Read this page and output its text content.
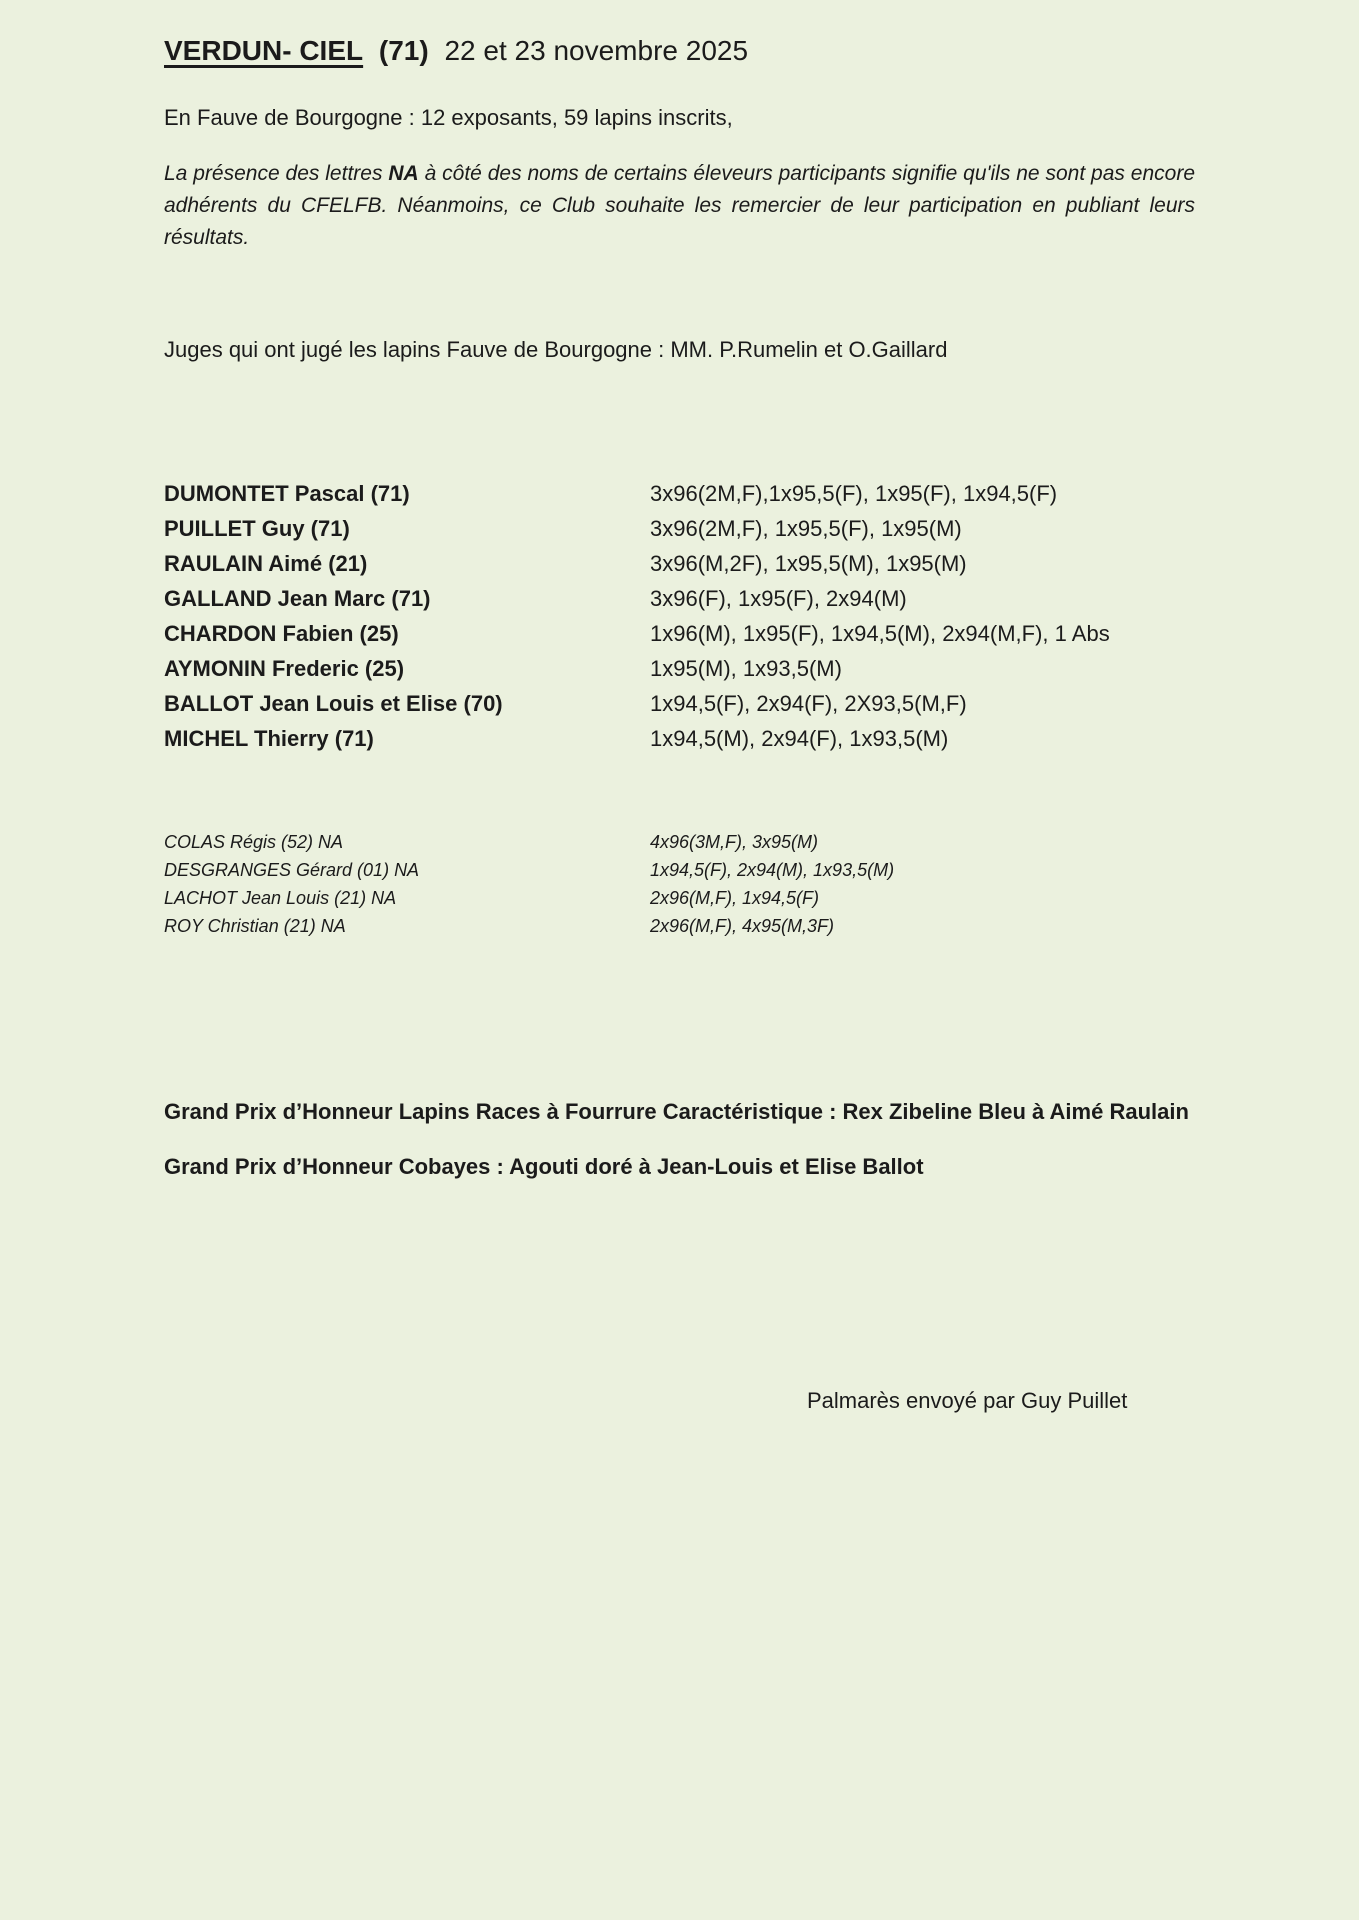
VERDUN- CIEL (71) 22 et 23 novembre 2025

En Fauve de Bourgogne : 12 exposants, 59 lapins inscrits,

La présence des lettres NA à côté des noms de certains éleveurs participants signifie qu'ils ne sont pas encore adhérents du CFELFB. Néanmoins, ce Club souhaite les remercier de leur participation en publiant leurs résultats.

Juges qui ont jugé les lapins Fauve de Bourgogne : MM. P.Rumelin et O.Gaillard

DUMONTET Pascal (71)	3x96(2M,F),1x95,5(F), 1x95(F), 1x94,5(F)
PUILLET Guy (71)	3x96(2M,F), 1x95,5(F), 1x95(M)
RAULAIN Aimé (21)	3x96(M,2F), 1x95,5(M), 1x95(M)
GALLAND Jean Marc (71)	3x96(F), 1x95(F), 2x94(M)
CHARDON Fabien (25)	1x96(M), 1x95(F), 1x94,5(M), 2x94(M,F), 1 Abs
AYMONIN Frederic (25)	1x95(M), 1x93,5(M)
BALLOT Jean Louis et Elise (70)	1x94,5(F), 2x94(F), 2X93,5(M,F)
MICHEL Thierry (71)	1x94,5(M), 2x94(F), 1x93,5(M)
COLAS Régis (52) NA	4x96(3M,F), 3x95(M)
DESGRANGES Gérard (01) NA	1x94,5(F), 2x94(M), 1x93,5(M)
LACHOT Jean Louis (21) NA	2x96(M,F), 1x94,5(F)
ROY Christian (21) NA	2x96(M,F), 4x95(M,3F)

Grand Prix d’Honneur Lapins Races à Fourrure Caractéristique : Rex Zibeline Bleu à Aimé Raulain

Grand Prix d’Honneur Cobayes : Agouti doré à Jean-Louis et Elise Ballot

Palmarès envoyé par Guy Puillet
